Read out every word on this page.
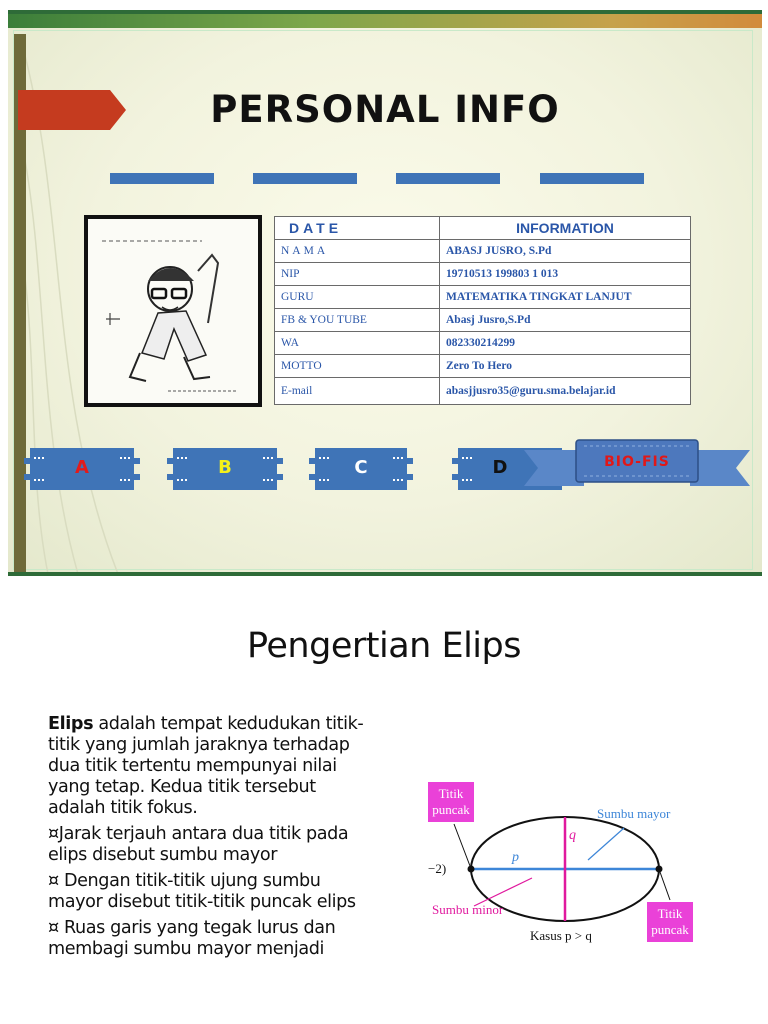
PERSONAL INFO
DATE	INFORMATION
NAMA	ABASJ JUSRO, S.Pd
NIP	19710513 199803 1 013
GURU	MATEMATIKA TINGKAT LANJUT
FB & YOU TUBE	Abasj Jusro,S.Pd
WA	082330214299
MOTTO	Zero To Hero
E-mail	abasjjusro35@guru.sma.belajar.id
A	B	C	D	BIO-FIS
Pengertian Elips

Elips adalah tempat kedudukan titik-titik yang jumlah jaraknya terhadap dua titik tertentu mempunyai nilai yang tetap. Kedua titik tersebut adalah titik fokus.

¤Jarak terjauh antara dua titik pada elips disebut sumbu mayor

¤ Dengan titik-titik ujung sumbu mayor disebut titik-titik puncak elips

¤ Ruas garis yang tegak lurus dan membagi sumbu mayor menjadi

Titik puncak
Titik puncak
Sumbu mayor
Sumbu minor
p
q
−2)
Kasus p > q
